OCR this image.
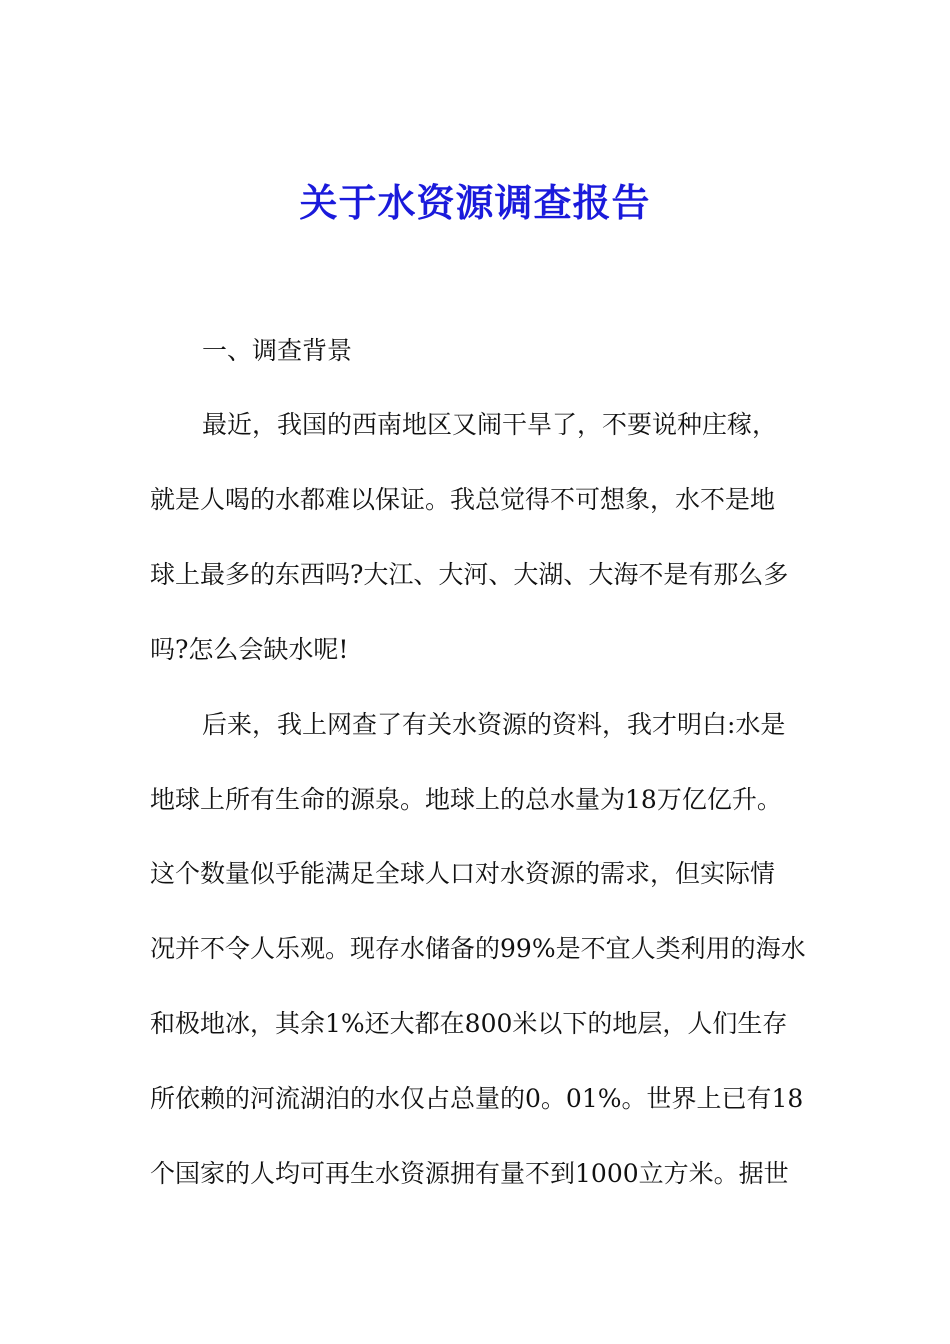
关于水资源调查报告
一、调查背景
最近，我国的西南地区又闹干旱了，不要说种庄稼，
就是人喝的水都难以保证。我总觉得不可想象，水不是地
球上最多的东西吗?大江、大河、大湖、大海不是有那么多
吗?怎么会缺水呢!
后来，我上网查了有关水资源的资料，我才明白:水是
地球上所有生命的源泉。地球上的总水量为18万亿亿升。
这个数量似乎能满足全球人口对水资源的需求，但实际情
况并不令人乐观。现存水储备的99%是不宜人类利用的海水
和极地冰，其余1%还大都在800米以下的地层，人们生存
所依赖的河流湖泊的水仅占总量的0。01%。世界上已有18
个国家的人均可再生水资源拥有量不到1000立方米。据世
